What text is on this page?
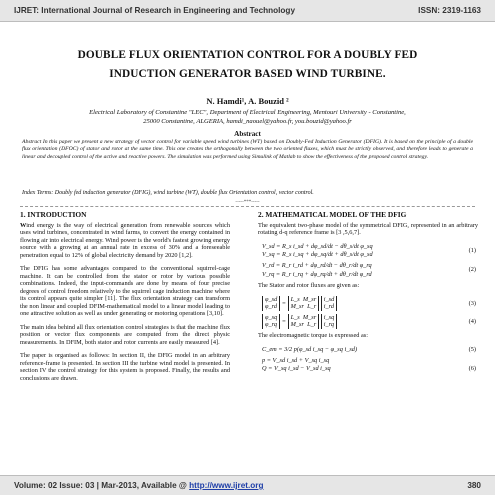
IJRET: International Journal of Research in Engineering and Technology	ISSN: 2319-1163
DOUBLE FLUX ORIENTATION CONTROL FOR A DOUBLY FED
INDUCTION GENERATOR BASED WIND TURBINE.
N. Hamdi¹, A. Bouzid ²
Electrical Laboratory of Constantine "LEC", Department of Electrical Engineering, Mentouri University - Constantine,
25000 Constantine, ALGERIA, hamdi_naouel@yahoo.fr, you.bouzid@yahoo.fr
Abstract
Abstract In this paper we present a new strategy of vector control for variable speed wind turbines (WT) based on Doubly-Fed Induction Generator (DFIG). It is based on the principle of a double flux orientation (DFOC) of stator and rotor at the same time. This one creates the orthogonally between the two oriented fluxes, which must be strictly observed, and therefore leads to generate a linear and decoupled control of the active and reactive powers. The simulation was performed using Simulink of Matlab to show the effectiveness of the proposed control strategy.
Index Terms: Doubly fed induction generator (DFIG), wind turbine (WT), double flux Orientation control, vector control.
-----***-----
1. INTRODUCTION

Wind energy is the way of electrical generation from renewable sources which uses wind turbines, concentrated in wind farms, to convert the energy contained in flowing air into electrical energy. Wind power is the world's fastest growing energy source with a growing at an annual rate in excess of 30% and a foreseeable penetration equal to 12% of global electricity demand by 2020 [1,2].

The DFIG has some advantages compared to the conventional squirrel-cage machine. It can be controlled from the stator or rotor by various possible combinations. Indeed, the input-commands are done by means of four precise degrees of control freedom relatively to the squirrel cage induction machine where its control appears quite simpler [11]. The flux orientation strategy can transform the non linear and coupled DFIM-mathematical model to a linear model leading to one attractive solution as well as under generating or motoring operations [3,10].

The main idea behind all flux orientation control strategies is that the machine flux position or vector flux components are computed from the direct physic measurements. In DFIM, both stator and rotor currents are easily measured [4].

The paper is organised as follows: In section II, the DFIG model in an arbitrary reference-frame is presented. In section III the turbine wind model is presented. In section IV the control strategy for this system is proposed. Finally, the results and conclusions are drawn.

2. MATHEMATICAL MODEL OF THE DFIG

The equivalent two-phase model of the symmetrical DFIG, represented in an arbitrary rotating d-q reference frame is [3 ,5,6,7].

V_sd = R_s i_sd + dφ_sd/dt − dθ_s/dt φ_sq
V_sq = R_s i_sq + dφ_sq/dt + dθ_s/dt φ_sd
(1)
V_rd = R_r i_rd + dφ_rd/dt − dθ_r/dt φ_rq
V_rq = R_r i_rq + dφ_rq/dt + dθ_r/dt φ_rd
(2)

The Stator and rotor fluxes are given as:

φ_sd
φ_rd = L_s M_sr
M_sr L_r i_sd
i_rd
(3)
φ_sq
φ_rq = L_s M_sr
M_sr L_r i_sq
i_rq
(4)

The electromagnetic torque is expressed as:

C_em = 3/2 p(φ_sd i_sq − φ_sq i_sd)	(5)
p = V_sd i_sd + V_sq i_sq
Q = V_sq i_sd − V_sd i_sq	(6)
Volume: 02 Issue: 03 | Mar-2013, Available @ http://www.ijret.org	380
